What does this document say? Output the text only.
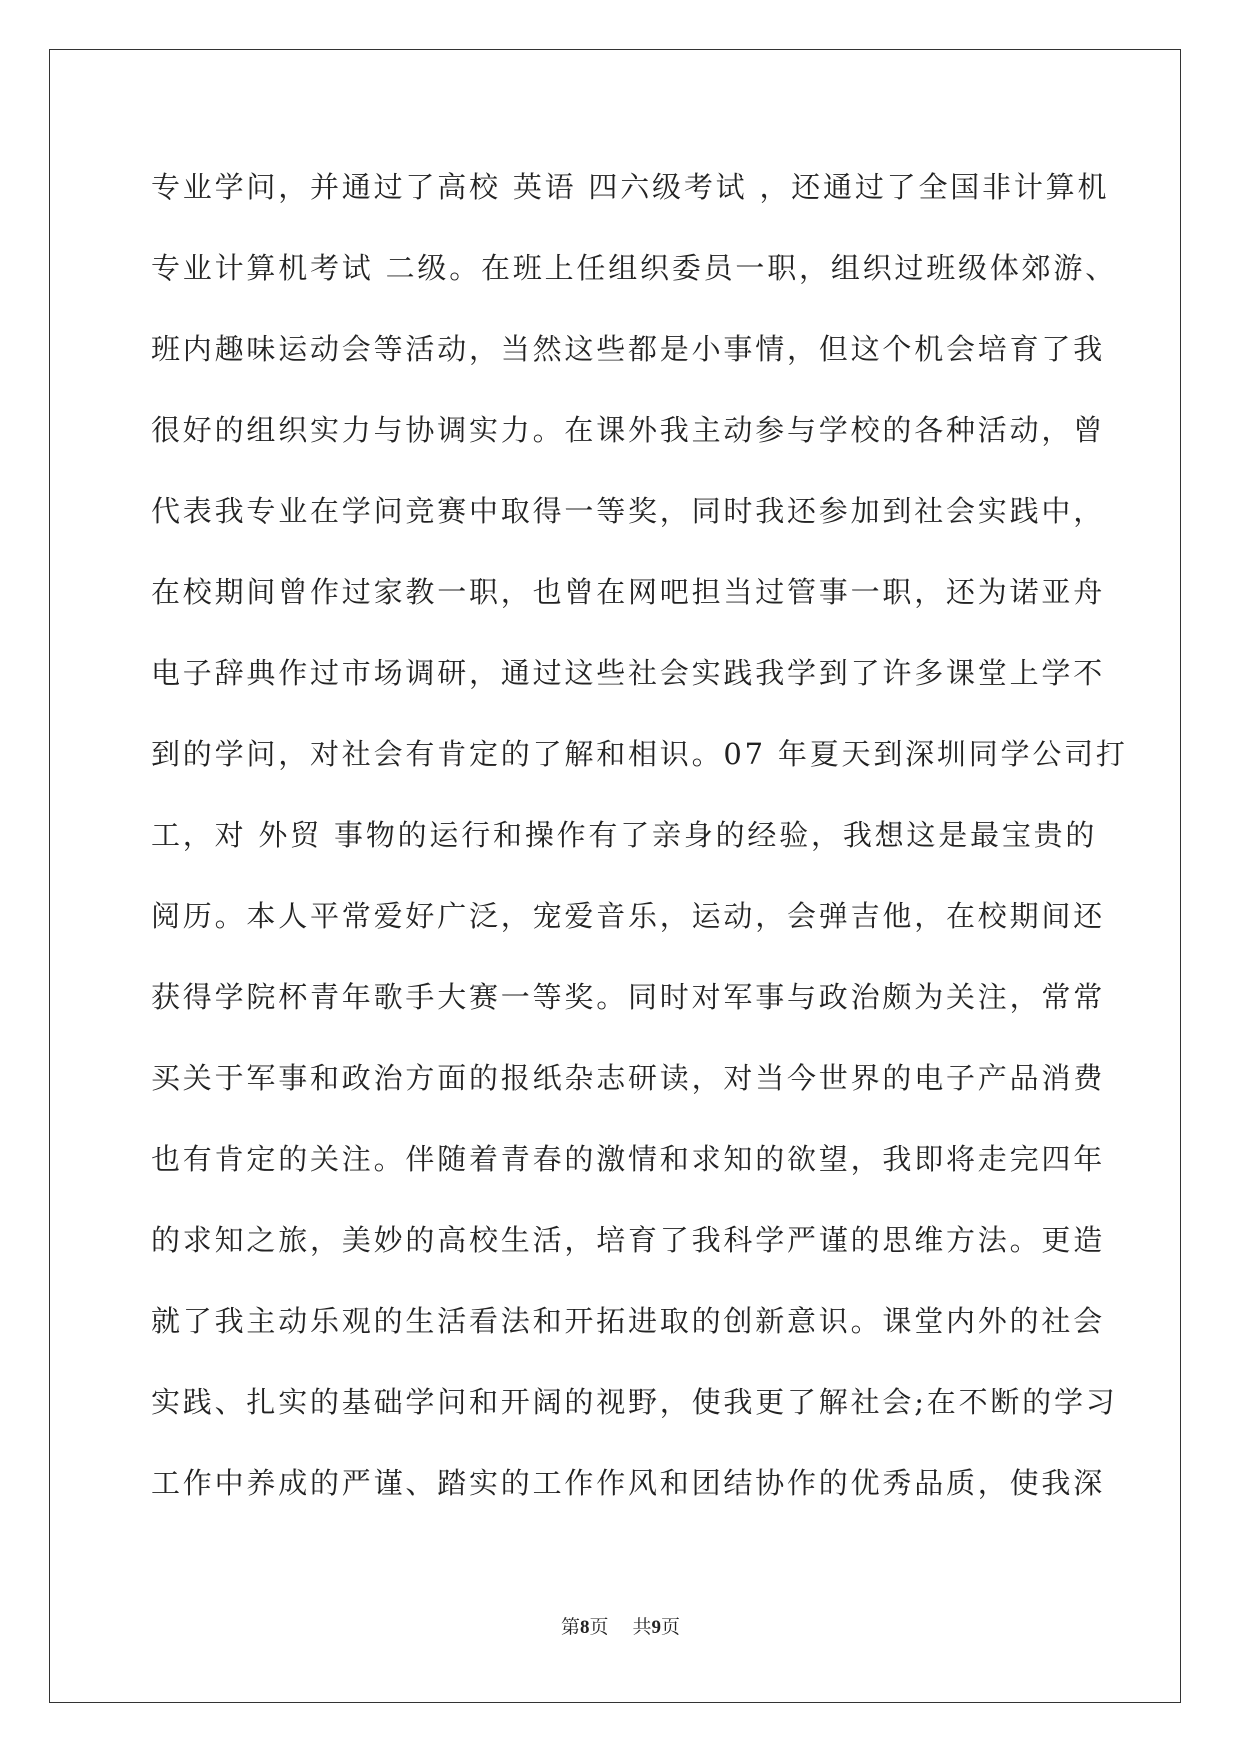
专业学问，并通过了高校 英语 四六级考试 ，还通过了全国非计算机
专业计算机考试 二级。在班上任组织委员一职，组织过班级体郊游、
班内趣味运动会等活动，当然这些都是小事情，但这个机会培育了我
很好的组织实力与协调实力。在课外我主动参与学校的各种活动，曾
代表我专业在学问竞赛中取得一等奖，同时我还参加到社会实践中，
在校期间曾作过家教一职，也曾在网吧担当过管事一职，还为诺亚舟
电子辞典作过市场调研，通过这些社会实践我学到了许多课堂上学不
到的学问，对社会有肯定的了解和相识。07 年夏天到深圳同学公司打
工，对 外贸 事物的运行和操作有了亲身的经验，我想这是最宝贵的
阅历。本人平常爱好广泛，宠爱音乐，运动，会弹吉他，在校期间还
获得学院杯青年歌手大赛一等奖。同时对军事与政治颇为关注，常常
买关于军事和政治方面的报纸杂志研读，对当今世界的电子产品消费
也有肯定的关注。伴随着青春的激情和求知的欲望，我即将走完四年
的求知之旅，美妙的高校生活，培育了我科学严谨的思维方法。更造
就了我主动乐观的生活看法和开拓进取的创新意识。课堂内外的社会
实践、扎实的基础学问和开阔的视野，使我更了解社会;在不断的学习
工作中养成的严谨、踏实的工作作风和团结协作的优秀品质，使我深
第8页 共9页
